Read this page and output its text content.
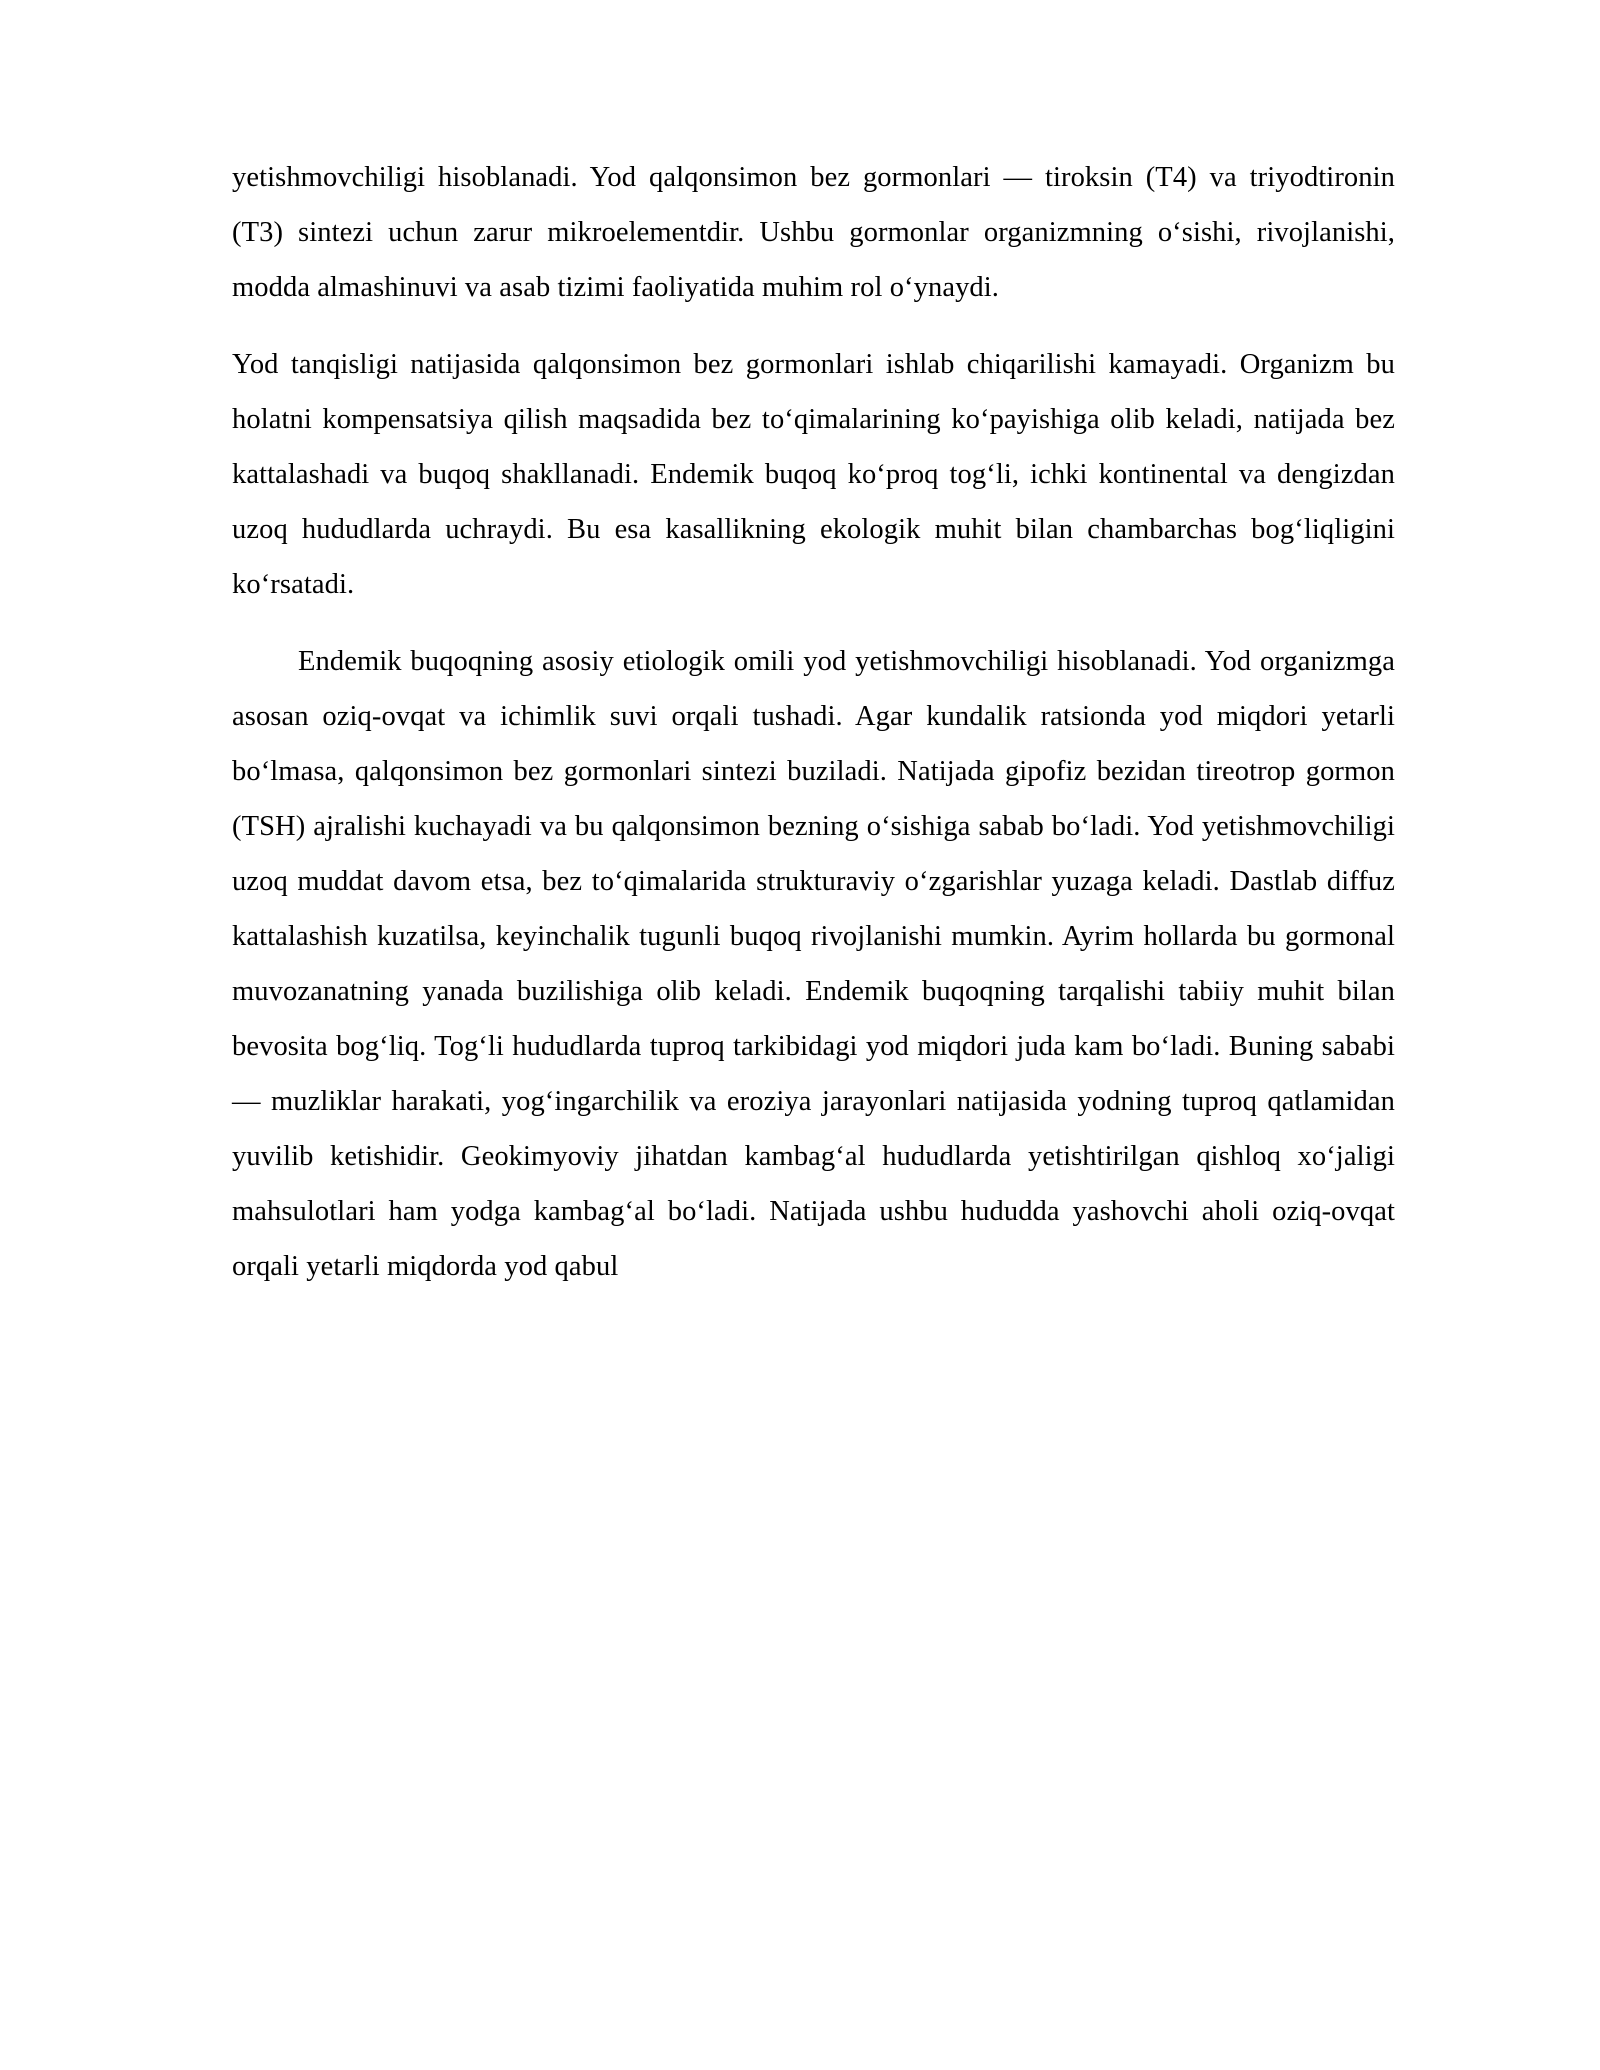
yetishmovchiligi hisoblanadi. Yod qalqonsimon bez gormonlari — tiroksin (T4) va triyodtironin (T3) sintezi uchun zarur mikroelementdir. Ushbu gormonlar organizmning o‘sishi, rivojlanishi, modda almashinuvi va asab tizimi faoliyatida muhim rol o‘ynaydi.

Yod tanqisligi natijasida qalqonsimon bez gormonlari ishlab chiqarilishi kamayadi. Organizm bu holatni kompensatsiya qilish maqsadida bez to‘qimalarining ko‘payishiga olib keladi, natijada bez kattalashadi va buqoq shakllanadi. Endemik buqoq ko‘proq tog‘li, ichki kontinental va dengizdan uzoq hududlarda uchraydi. Bu esa kasallikning ekologik muhit bilan chambarchas bog‘liqligini ko‘rsatadi.

Endemik buqoqning asosiy etiologik omili yod yetishmovchiligi hisoblanadi. Yod organizmga asosan oziq-ovqat va ichimlik suvi orqali tushadi. Agar kundalik ratsionda yod miqdori yetarli bo‘lmasa, qalqonsimon bez gormonlari sintezi buziladi. Natijada gipofiz bezidan tireotrop gormon (TSH) ajralishi kuchayadi va bu qalqonsimon bezning o‘sishiga sabab bo‘ladi. Yod yetishmovchiligi uzoq muddat davom etsa, bez to‘qimalarida strukturaviy o‘zgarishlar yuzaga keladi. Dastlab diffuz kattalashish kuzatilsa, keyinchalik tugunli buqoq rivojlanishi mumkin. Ayrim hollarda bu gormonal muvozanatning yanada buzilishiga olib keladi. Endemik buqoqning tarqalishi tabiiy muhit bilan bevosita bog‘liq. Tog‘li hududlarda tuproq tarkibidagi yod miqdori juda kam bo‘ladi. Buning sababi — muzliklar harakati, yog‘ingarchilik va eroziya jarayonlari natijasida yodning tuproq qatlamidan yuvilib ketishidir. Geokimyoviy jihatdan kambag‘al hududlarda yetishtirilgan qishloq xo‘jaligi mahsulotlari ham yodga kambag‘al bo‘ladi. Natijada ushbu hududda yashovchi aholi oziq-ovqat orqali yetarli miqdorda yod qabul
